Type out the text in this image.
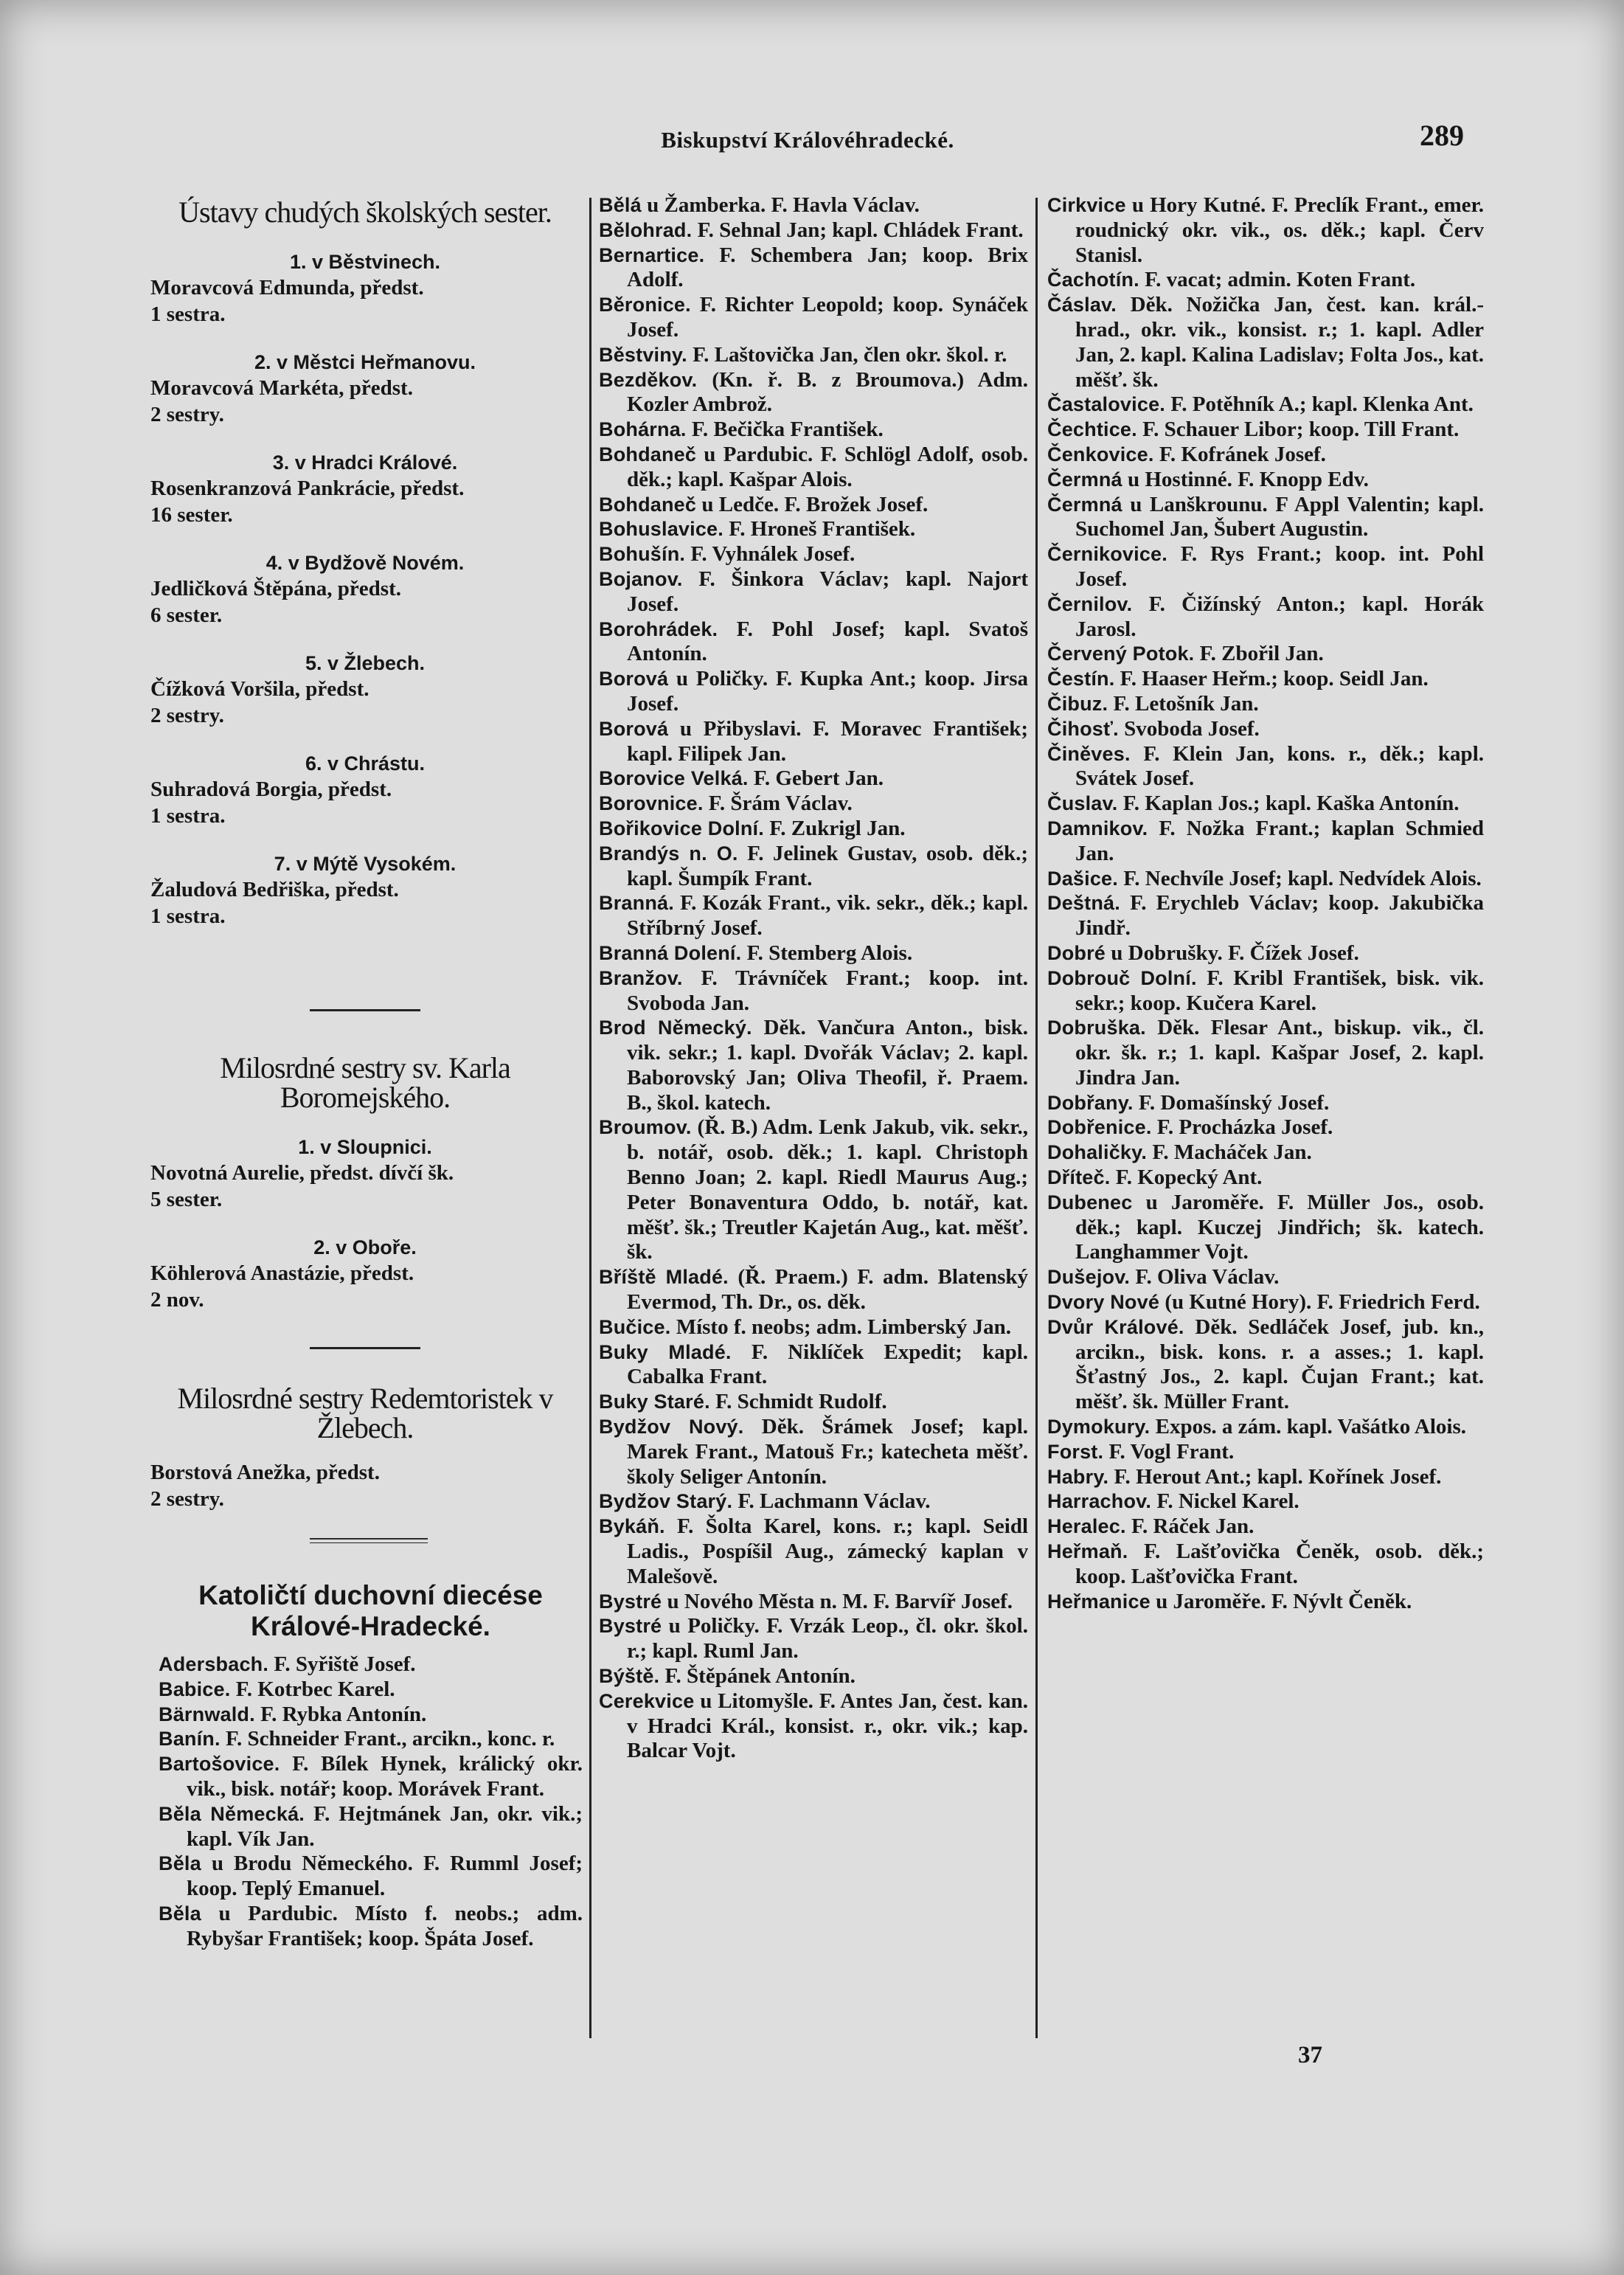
Biskupství Královéhradecké.	289
Ústavy chudých školských sester.
1. v Běstvinech.
Moravcová Edmunda, předst.
1 sestra.
2. v Městci Heřmanovu.
Moravcová Markéta, předst.
2 sestry.
3. v Hradci Králové.
Rosenkranzová Pankrácie, předst.
16 sester.
4. v Bydžově Novém.
Jedličková Štěpána, předst.
6 sester.
5. v Žlebech.
Čížková Voršila, předst.
2 sestry.
6. v Chrástu.
Suhradová Borgia, předst.
1 sestra.
7. v Mýtě Vysokém.
Žaludová Bedřiška, předst.
1 sestra.
Milosrdné sestry sv. Karla Boromejského.
1. v Sloupnici.
Novotná Aurelie, předst. dívčí šk.
5 sester.
2. v Oboře.
Köhlerová Anastázie, předst.
2 nov.
Milosrdné sestry Redemtoristek v Žlebech.
Borstová Anežka, předst.
2 sestry.
Katoličtí duchovní diecése Králové-Hradecké.
Adersbach. F. Syřiště Josef.
Babice. F. Kotrbec Karel.
Bärnwald. F. Rybka Antonín.
Banín. F. Schneider Frant., arcikn., konc. r.
Bartošovice. F. Bílek Hynek, králický okr. vik., bisk. notář; koop. Morávek Frant.
Běla Německá. F. Hejtmánek Jan, okr. vik.; kapl. Vík Jan.
Běla u Brodu Německého. F. Rumml Josef; koop. Teplý Emanuel.
Běla u Pardubic. Místo f. neobs.; adm. Rybyšar František; koop. Špáta Josef.
Bělá u Žamberka. F. Havla Václav.
Bělohrad. F. Sehnal Jan; kapl. Chládek Frant.
Bernartice. F. Schembera Jan; koop. Brix Adolf.
Běronice. F. Richter Leopold; koop. Synáček Josef.
Běstviny. F. Laštovička Jan, člen okr. škol. r.
Bezděkov. (Kn. ř. B. z Broumova.) Adm. Kozler Ambrož.
Bohárna. F. Bečička František.
Bohdaneč u Pardubic. F. Schlögl Adolf, osob. děk.; kapl. Kašpar Alois.
Bohdaneč u Ledče. F. Brožek Josef.
Bohuslavice. F. Hroneš František.
Bohušín. F. Vyhnálek Josef.
Bojanov. F. Šinkora Václav; kapl. Najort Josef.
Borohrádek. F. Pohl Josef; kapl. Svatoš Antonín.
Borová u Poličky. F. Kupka Ant.; koop. Jirsa Josef.
Borová u Přibyslavi. F. Moravec František; kapl. Filipek Jan.
Borovice Velká. F. Gebert Jan.
Borovnice. F. Šrám Václav.
Bořikovice Dolní. F. Zukrigl Jan.
Brandýs n. O. F. Jelinek Gustav, osob. děk.; kapl. Šumpík Frant.
Branná. F. Kozák Frant., vik. sekr., děk.; kapl. Stříbrný Josef.
Branná Dolení. F. Stemberg Alois.
Branžov. F. Trávníček Frant.; koop. int. Svoboda Jan.
Brod Německý. Děk. Vančura Anton., bisk. vik. sekr.; 1. kapl. Dvořák Václav; 2. kapl. Baborovský Jan; Oliva Theofil, ř. Praem. B., škol. katech.
Broumov. (Ř. B.) Adm. Lenk Jakub, vik. sekr., b. notář, osob. děk.; 1. kapl. Christoph Benno Joan; 2. kapl. Riedl Maurus Aug.; Peter Bonaventura Oddo, b. notář, kat. měšť. šk.; Treutler Kajetán Aug., kat. měšť. šk.
Bříště Mladé. (Ř. Praem.) F. adm. Blatenský Evermod, Th. Dr., os. děk.
Bučice. Místo f. neobs; adm. Limberský Jan.
Buky Mladé. F. Niklíček Expedit; kapl. Cabalka Frant.
Buky Staré. F. Schmidt Rudolf.
Bydžov Nový. Děk. Šrámek Josef; kapl. Marek Frant., Matouš Fr.; katecheta měšť. školy Seliger Antonín.
Bydžov Starý. F. Lachmann Václav.
Bykáň. F. Šolta Karel, kons. r.; kapl. Seidl Ladis., Pospíšil Aug., zámecký kaplan v Malešově.
Bystré u Nového Města n. M. F. Barvíř Josef.
Bystré u Poličky. F. Vrzák Leop., čl. okr. škol. r.; kapl. Ruml Jan.
Býště. F. Štěpánek Antonín.
Cerekvice u Litomyšle. F. Antes Jan, čest. kan. v Hradci Král., konsist. r., okr. vik.; kap. Balcar Vojt.
Cirkvice u Hory Kutné. F. Preclík Frant., emer. roudnický okr. vik., os. děk.; kapl. Červ Stanisl.
Čachotín. F. vacat; admin. Koten Frant.
Čáslav. Děk. Nožička Jan, čest. kan. král.-hrad., okr. vik., konsist. r.; 1. kapl. Adler Jan, 2. kapl. Kalina Ladislav; Folta Jos., kat. měšť. šk.
Častalovice. F. Potěhník A.; kapl. Klenka Ant.
Čechtice. F. Schauer Libor; koop. Till Frant.
Čenkovice. F. Kofránek Josef.
Čermná u Hostinné. F. Knopp Edv.
Čermná u Lanškrounu. F Appl Valentin; kapl. Suchomel Jan, Šubert Augustin.
Černikovice. F. Rys Frant.; koop. int. Pohl Josef.
Černilov. F. Čižínský Anton.; kapl. Horák Jarosl.
Červený Potok. F. Zbořil Jan.
Čestín. F. Haaser Heřm.; koop. Seidl Jan.
Čibuz. F. Letošník Jan.
Čihosť. Svoboda Josef.
Činěves. F. Klein Jan, kons. r., děk.; kapl. Svátek Josef.
Čuslav. F. Kaplan Jos.; kapl. Kaška Antonín.
Damnikov. F. Nožka Frant.; kaplan Schmied Jan.
Dašice. F. Nechvíle Josef; kapl. Nedvídek Alois.
Deštná. F. Erychleb Václav; koop. Jakubička Jindř.
Dobré u Dobrušky. F. Čížek Josef.
Dobrouč Dolní. F. Kribl František, bisk. vik. sekr.; koop. Kučera Karel.
Dobruška. Děk. Flesar Ant., biskup. vik., čl. okr. šk. r.; 1. kapl. Kašpar Josef, 2. kapl. Jindra Jan.
Dobřany. F. Domašínský Josef.
Dobřenice. F. Procházka Josef.
Dohaličky. F. Macháček Jan.
Dříteč. F. Kopecký Ant.
Dubenec u Jaroměře. F. Müller Jos., osob. děk.; kapl. Kuczej Jindřich; šk. katech. Langhammer Vojt.
Dušejov. F. Oliva Václav.
Dvory Nové (u Kutné Hory). F. Friedrich Ferd.
Dvůr Králové. Děk. Sedláček Josef, jub. kn., arcikn., bisk. kons. r. a asses.; 1. kapl. Šťastný Jos., 2. kapl. Čujan Frant.; kat. měšť. šk. Müller Frant.
Dymokury. Expos. a zám. kapl. Vašátko Alois.
Forst. F. Vogl Frant.
Habry. F. Herout Ant.; kapl. Kořínek Josef.
Harrachov. F. Nickel Karel.
Heralec. F. Ráček Jan.
Heřmaň. F. Lašťovička Čeněk, osob. děk.; koop. Lašťovička Frant.
Heřmanice u Jaroměře. F. Nývlt Čeněk.
37
